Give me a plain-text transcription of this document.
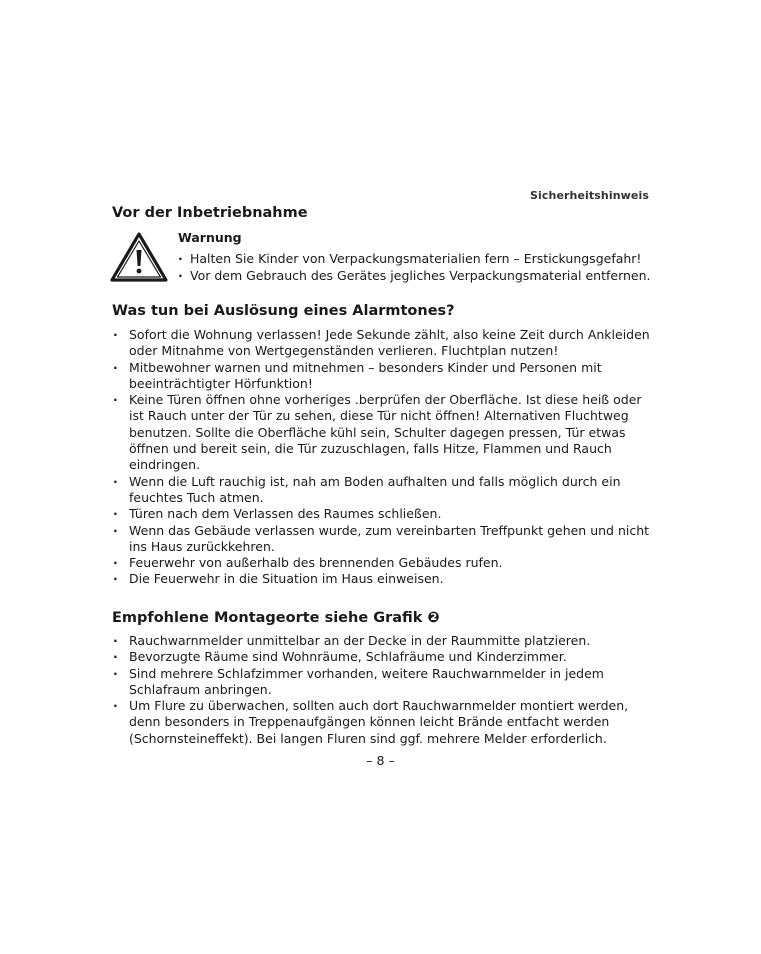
Sicherheitshinweis
Vor der Inbetriebnahme
Warnung
· Halten Sie Kinder von Verpackungsmaterialien fern – Erstickungsgefahr!
· Vor dem Gebrauch des Gerätes jegliches Verpackungsmaterial entfernen.
Was tun bei Auslösung eines Alarmtones?
· Sofort die Wohnung verlassen! Jede Sekunde zählt, also keine Zeit durch Ankleiden oder Mitnahme von Wertgegenständen verlieren. Fluchtplan nutzen!
· Mitbewohner warnen und mitnehmen – besonders Kinder und Personen mit beeinträchtigter Hörfunktion!
· Keine Türen öffnen ohne vorheriges .berprüfen der Oberfläche. Ist diese heiß oder ist Rauch unter der Tür zu sehen, diese Tür nicht öffnen! Alternativen Fluchtweg benutzen. Sollte die Oberfläche kühl sein, Schulter dagegen pressen, Tür etwas öffnen und bereit sein, die Tür zuzuschlagen, falls Hitze, Flammen und Rauch eindringen.
· Wenn die Luft rauchig ist, nah am Boden aufhalten und falls möglich durch ein feuchtes Tuch atmen.
· Türen nach dem Verlassen des Raumes schließen.
· Wenn das Gebäude verlassen wurde, zum vereinbarten Treffpunkt gehen und nicht ins Haus zurückkehren.
· Feuerwehr von außerhalb des brennenden Gebäudes rufen.
· Die Feuerwehr in die Situation im Haus einweisen.
Empfohlene Montageorte siehe Grafik ❷
· Rauchwarnmelder unmittelbar an der Decke in der Raummitte platzieren.
· Bevorzugte Räume sind Wohnräume, Schlafräume und Kinderzimmer.
· Sind mehrere Schlafzimmer vorhanden, weitere Rauchwarnmelder in jedem Schlafraum anbringen.
· Um Flure zu überwachen, sollten auch dort Rauchwarnmelder montiert werden, denn besonders in Treppenaufgängen können leicht Brände entfacht werden (Schornsteineffekt). Bei langen Fluren sind ggf. mehrere Melder erforderlich.
– 8 –
